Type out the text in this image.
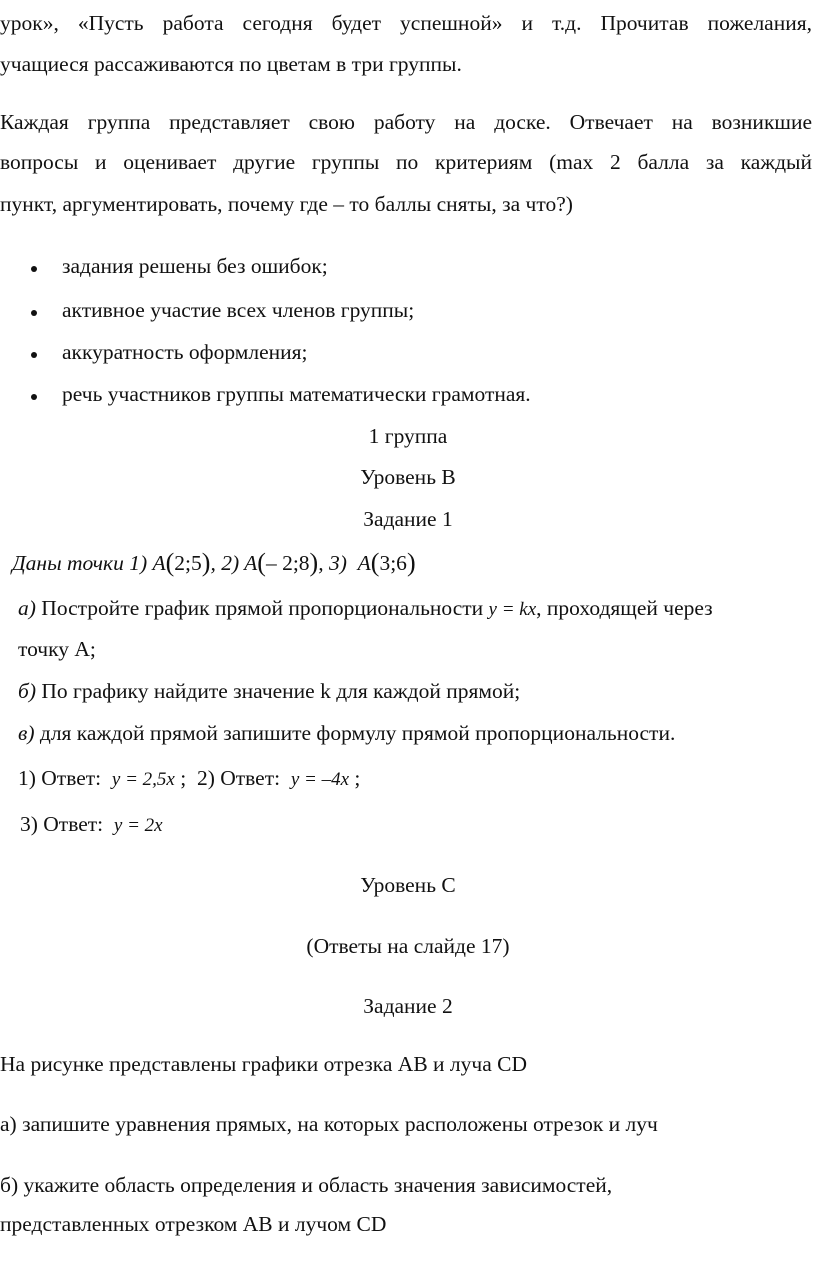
урок», «Пусть работа сегодня будет успешной» и т.д. Прочитав пожелания,
учащиеся рассаживаются по цветам в три группы.
Каждая группа представляет свою работу на доске. Отвечает на возникшие
вопросы и оценивает другие группы по критериям (max 2 балла за каждый
пункт, аргументировать, почему где – то баллы сняты, за что?)
задания решены без ошибок;
активное участие всех членов группы;
аккуратность оформления;
речь участников группы математически грамотная.
1 группа
Уровень В
Задание 1
Даны точки 1) A(2;5), 2) A(– 2;8), 3) A(3;6)
а) Постройте график прямой пропорциональности y = kx, проходящей через
точку А;
б) По графику найдите значение k для каждой прямой;
в) для каждой прямой запишите формулу прямой пропорциональности.
1) Ответ: y = 2,5x ; 2) Ответ: y = –4x ;
3) Ответ: y = 2x
Уровень С
(Ответы на слайде 17)
Задание 2
На рисунке представлены графики отрезка АВ и луча CD
а) запишите уравнения прямых, на которых расположены отрезок и луч
б) укажите область определения и область значения зависимостей,
представленных отрезком АВ и лучом CD
